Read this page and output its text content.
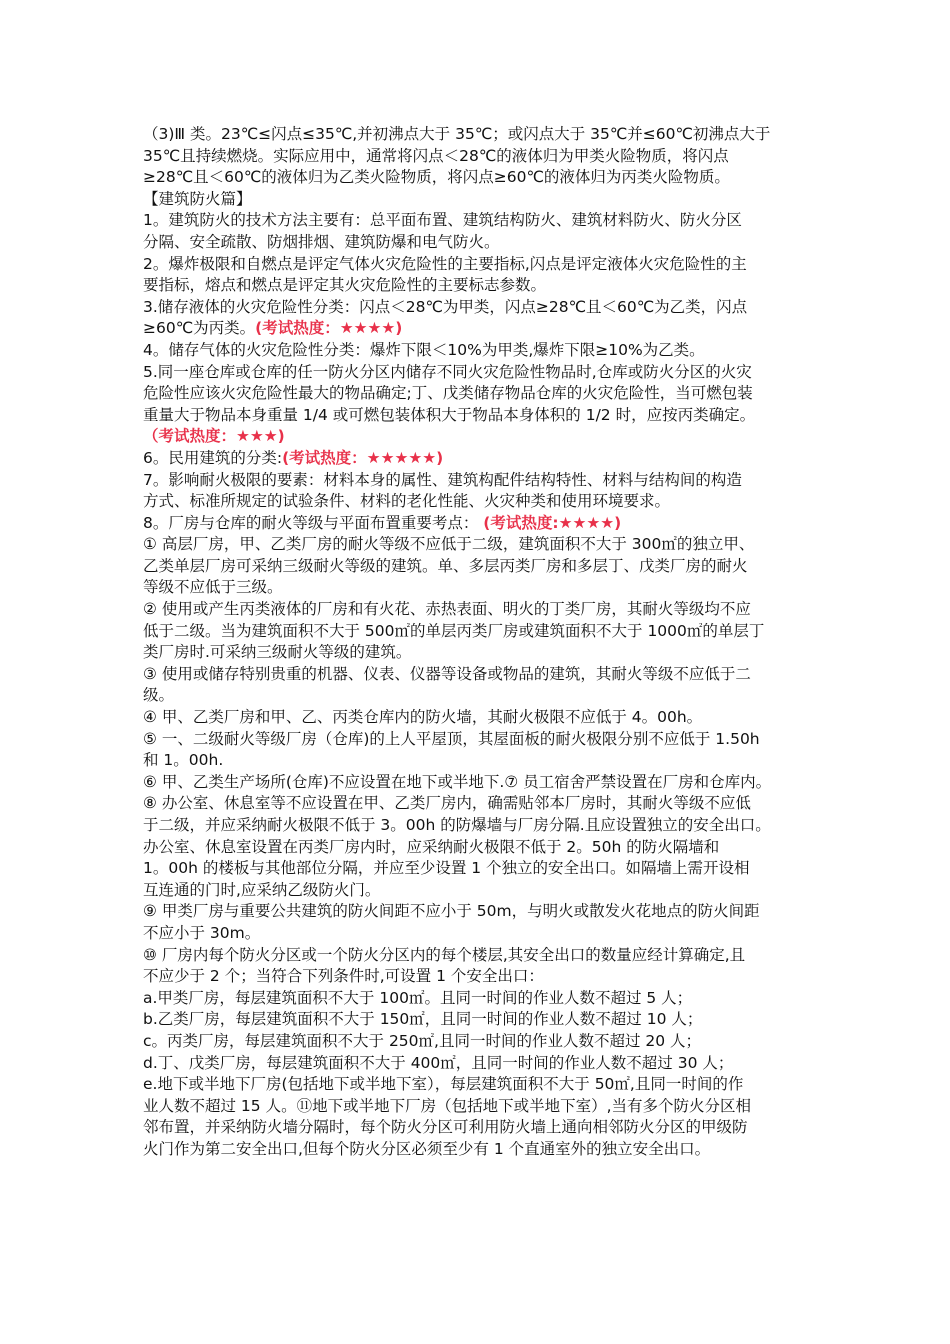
（3)Ⅲ 类。23℃≤闪点≤35℃,并初沸点大于 35℃；或闪点大于 35℃并≤60℃初沸点大于
35℃且持续燃烧。实际应用中，通常将闪点＜28℃的液体归为甲类火险物质，将闪点
≥28℃且＜60℃的液体归为乙类火险物质，将闪点≥60℃的液体归为丙类火险物质。
【建筑防火篇】
1。建筑防火的技术方法主要有：总平面布置、建筑结构防火、建筑材料防火、防火分区
分隔、安全疏散、防烟排烟、建筑防爆和电气防火。
2。爆炸极限和自燃点是评定气体火灾危险性的主要指标,闪点是评定液体火灾危险性的主
要指标，熔点和燃点是评定其火灾危险性的主要标志参数。
3.储存液体的火灾危险性分类：闪点＜28℃为甲类，闪点≥28℃且＜60℃为乙类，闪点
≥60℃为丙类。(考试热度：★★★★)
4。储存气体的火灾危险性分类：爆炸下限＜10%为甲类,爆炸下限≥10%为乙类。
5.同一座仓库或仓库的任一防火分区内储存不同火灾危险性物品时,仓库或防火分区的火灾
危险性应该火灾危险性最大的物品确定;丁、戊类储存物品仓库的火灾危险性，当可燃包装
重量大于物品本身重量 1/4 或可燃包装体积大于物品本身体积的 1/2 时，应按丙类确定。
（考试热度：★★★)
6。民用建筑的分类:(考试热度：★★★★★)
7。影响耐火极限的要素：材料本身的属性、建筑构配件结构特性、材料与结构间的构造
方式、标准所规定的试验条件、材料的老化性能、火灾种类和使用环境要求。
8。厂房与仓库的耐火等级与平面布置重要考点： (考试热度:★★★★)
① 高层厂房，甲、乙类厂房的耐火等级不应低于二级，建筑面积不大于 300㎡的独立甲、
乙类单层厂房可采纳三级耐火等级的建筑。单、多层丙类厂房和多层丁、戊类厂房的耐火
等级不应低于三级。
② 使用或产生丙类液体的厂房和有火花、赤热表面、明火的丁类厂房，其耐火等级均不应
低于二级。当为建筑面积不大于 500㎡的单层丙类厂房或建筑面积不大于 1000㎡的单层丁
类厂房时.可采纳三级耐火等级的建筑。
③ 使用或储存特别贵重的机器、仪表、仪器等设备或物品的建筑，其耐火等级不应低于二
级。
④ 甲、乙类厂房和甲、乙、丙类仓库内的防火墙，其耐火极限不应低于 4。00h。
⑤ 一、二级耐火等级厂房（仓库)的上人平屋顶，其屋面板的耐火极限分别不应低于 1.50h
和 1。00h.
⑥ 甲、乙类生产场所(仓库)不应设置在地下或半地下.⑦ 员工宿舍严禁设置在厂房和仓库内。
⑧ 办公室、休息室等不应设置在甲、乙类厂房内，确需贴邻本厂房时，其耐火等级不应低
于二级，并应采纳耐火极限不低于 3。00h 的防爆墙与厂房分隔.且应设置独立的安全出口。
办公室、休息室设置在丙类厂房内时，应采纳耐火极限不低于 2。50h 的防火隔墙和
1。00h 的楼板与其他部位分隔，并应至少设置 1 个独立的安全出口。如隔墙上需开设相
互连通的门时,应采纳乙级防火门。
⑨ 甲类厂房与重要公共建筑的防火间距不应小于 50m，与明火或散发火花地点的防火间距
不应小于 30m。
⑩ 厂房内每个防火分区或一个防火分区内的每个楼层,其安全出口的数量应经计算确定,且
不应少于 2 个；当符合下列条件时,可设置 1 个安全出口：
a.甲类厂房，每层建筑面积不大于 100㎡。且同一时间的作业人数不超过 5 人；
b.乙类厂房，每层建筑面积不大于 150㎡，且同一时间的作业人数不超过 10 人；
c。丙类厂房，每层建筑面积不大于 250㎡,且同一时间的作业人数不超过 20 人；
d.丁、戊类厂房，每层建筑面积不大于 400㎡，且同一时间的作业人数不超过 30 人；
e.地下或半地下厂房(包括地下或半地下室），每层建筑面积不大于 50㎡,且同一时间的作
业人数不超过 15 人。⑪地下或半地下厂房（包括地下或半地下室）,当有多个防火分区相
邻布置，并采纳防火墙分隔时，每个防火分区可利用防火墙上通向相邻防火分区的甲级防
火门作为第二安全出口,但每个防火分区必须至少有 1 个直通室外的独立安全出口。
